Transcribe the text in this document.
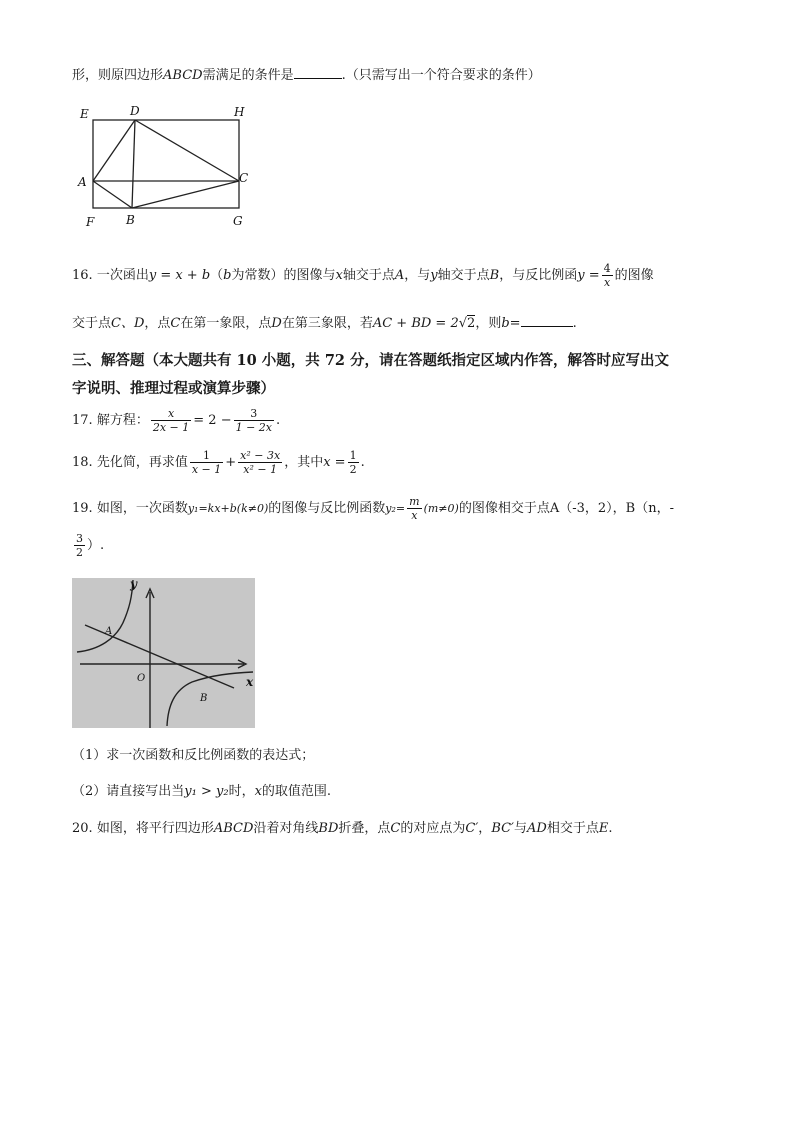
形，则原四边形ABCD需满足的条件是	.（只需写出一个符合要求的条件）
E	D	H
A	C
F	B	G
16. 一次函出y = x + b（b为常数）的图像与x轴交于点A，与y轴交于点B，与反比例函$y = \frac{4}{x}$ 的图像
交于点C、D，点C在第一象限，点D在第三象限，若AC + BD = 2√2，则b=	.
三、解答题（本大题共有 10 小题，共 72 分，请在答题纸指定区域内作答，解答时应写出文
字说明、推理过程或演算步骤）
17. 解方程： $\frac{x}{2x - 1} = 2 - \frac{3}{1 - 2x}$ .
18. 先化简，再求值 $\frac{1}{x - 1} + \frac{\text{x² − 3x}}{\text{x² − 1}}$ ，其中$x = \frac{1}{2}$ .
19. 如图，一次函数y₁=kx+b(k≠0)的图像与反比例函数$y_2= \frac{m}{x} (m\ne 0)$的图像相交于点A（-3，2），B（n，-
$\frac{3}{2}$ ）.
y
x
O
A
B
（1）求一次函数和反比例函数的表达式；
（2）请直接写出当y₁ > y₂时，x的取值范围.
20. 如图，将平行四边形ABCD沿着对角线BD折叠，点C的对应点为C′，BC′与AD相交于点E.
